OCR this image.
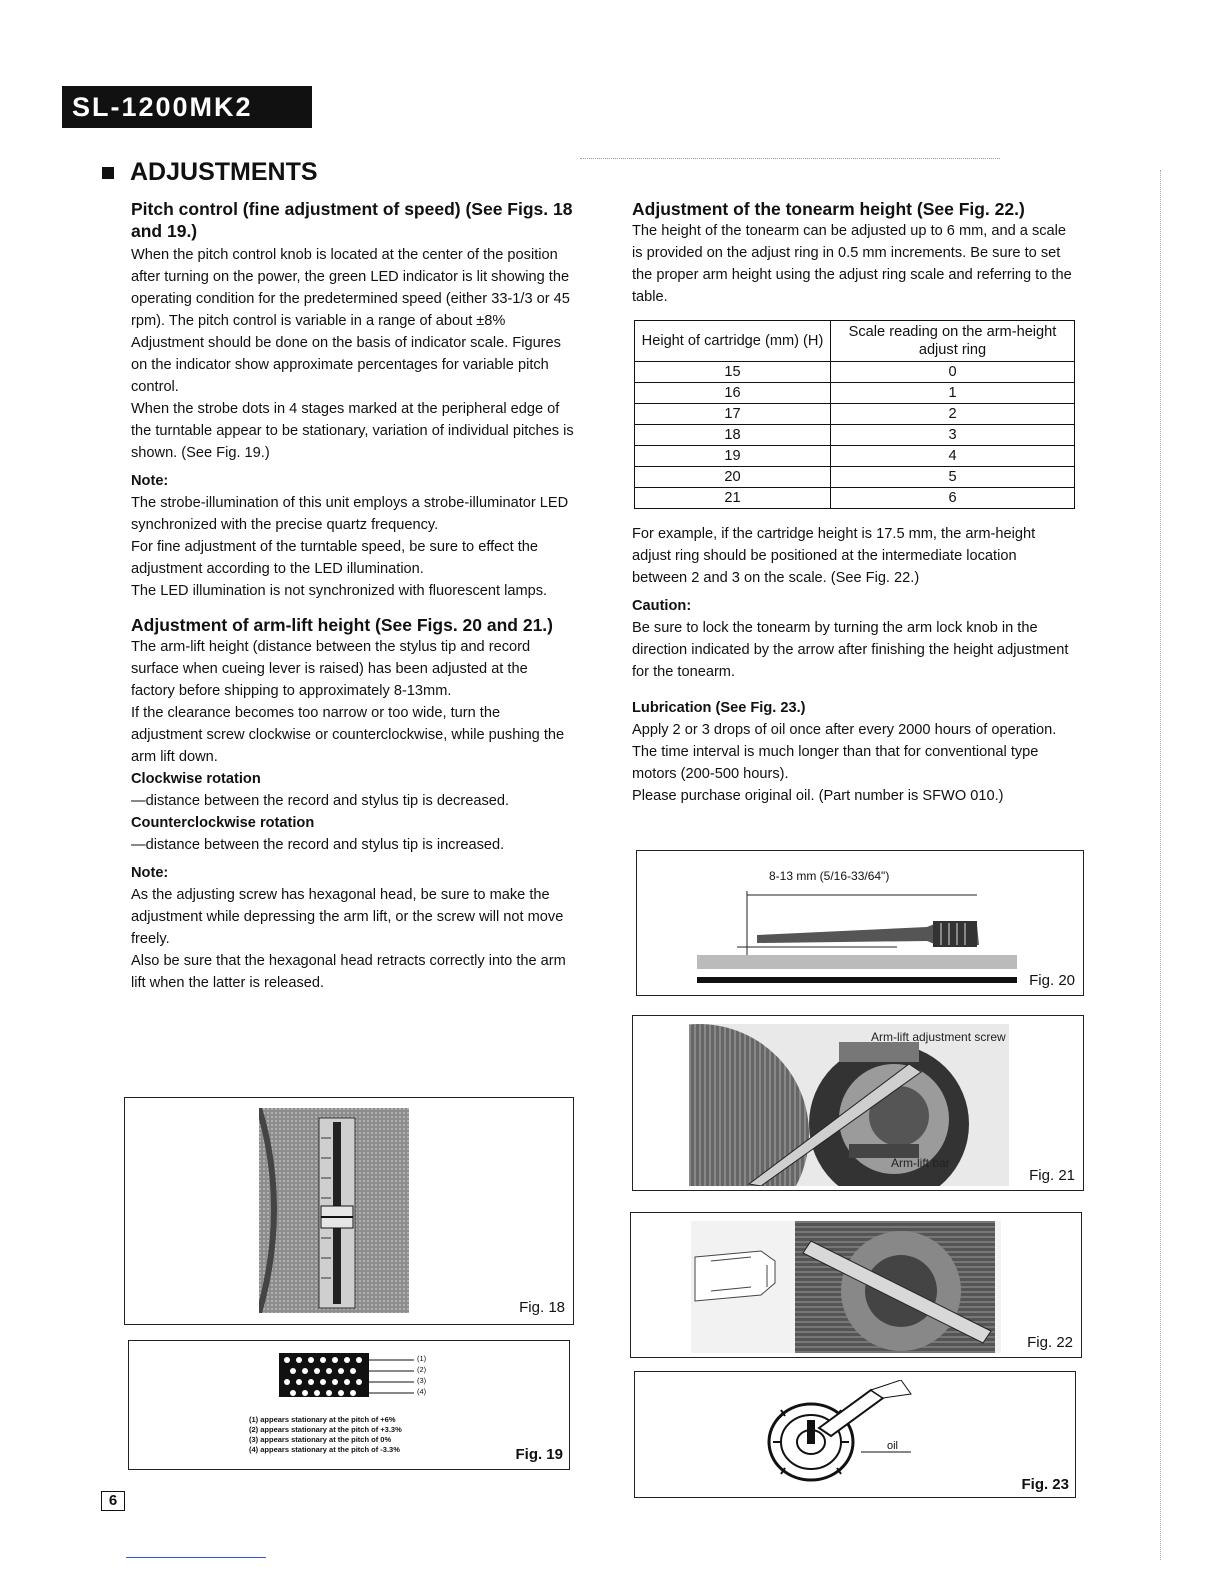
SL-1200MK2
ADJUSTMENTS

Pitch control (fine adjustment of speed) (See Figs. 18 and 19.)

When the pitch control knob is located at the center of the position after turning on the power, the green LED indicator is lit showing the operating condition for the predetermined speed (either 33-1/3 or 45 rpm). The pitch control is variable in a range of about ±8%

Adjustment should be done on the basis of indicator scale. Figures on the indicator show approximate percentages for variable pitch control.

When the strobe dots in 4 stages marked at the peripheral edge of the turntable appear to be stationary, variation of individual pitches is shown. (See Fig. 19.)

Note:

The strobe-illumination of this unit employs a strobe-illuminator LED synchronized with the precise quartz frequency.

For fine adjustment of the turntable speed, be sure to effect the adjustment according to the LED illumination.

The LED illumination is not synchronized with fluorescent lamps.

Adjustment of arm-lift height (See Figs. 20 and 21.)

The arm-lift height (distance between the stylus tip and record surface when cueing lever is raised) has been adjusted at the factory before shipping to approximately 8-13mm.

If the clearance becomes too narrow or too wide, turn the adjustment screw clockwise or counterclockwise, while pushing the arm lift down.

Clockwise rotation

—distance between the record and stylus tip is decreased.

Counterclockwise rotation

—distance between the record and stylus tip is increased.

Note:

As the adjusting screw has hexagonal head, be sure to make the adjustment while depressing the arm lift, or the screw will not move freely.

Also be sure that the hexagonal head retracts correctly into the arm lift when the latter is released.

Adjustment of the tonearm height (See Fig. 22.)

The height of the tonearm can be adjusted up to 6 mm, and a scale is provided on the adjust ring in 0.5 mm increments. Be sure to set the proper arm height using the adjust ring scale and referring to the table.

Height of cartridge (mm) (H)	Scale reading on the arm-height adjust ring
15	0
16	1
17	2
18	3
19	4
20	5
21	6

For example, if the cartridge height is 17.5 mm, the arm-height adjust ring should be positioned at the intermediate location between 2 and 3 on the scale. (See Fig. 22.)

Caution:

Be sure to lock the tonearm by turning the arm lock knob in the direction indicated by the arrow after finishing the height adjustment for the tonearm.

Lubrication (See Fig. 23.)

Apply 2 or 3 drops of oil once after every 2000 hours of operation.

The time interval is much longer than that for conventional type motors (200-500 hours).

Please purchase original oil. (Part number is SFWO 010.)

Fig. 18
(1)
(2)
(3)
(4)
(1) appears stationary at the pitch of +6%
(2) appears stationary at the pitch of +3.3%
(3) appears stationary at the pitch of 0%
(4) appears stationary at the pitch of -3.3%	Fig. 19
8-13 mm (5/16-33/64")
Fig. 20
Arm-lift adjustment screw
Arm-lift bar
Fig. 21
Fig. 22
oil
Fig. 23
6
